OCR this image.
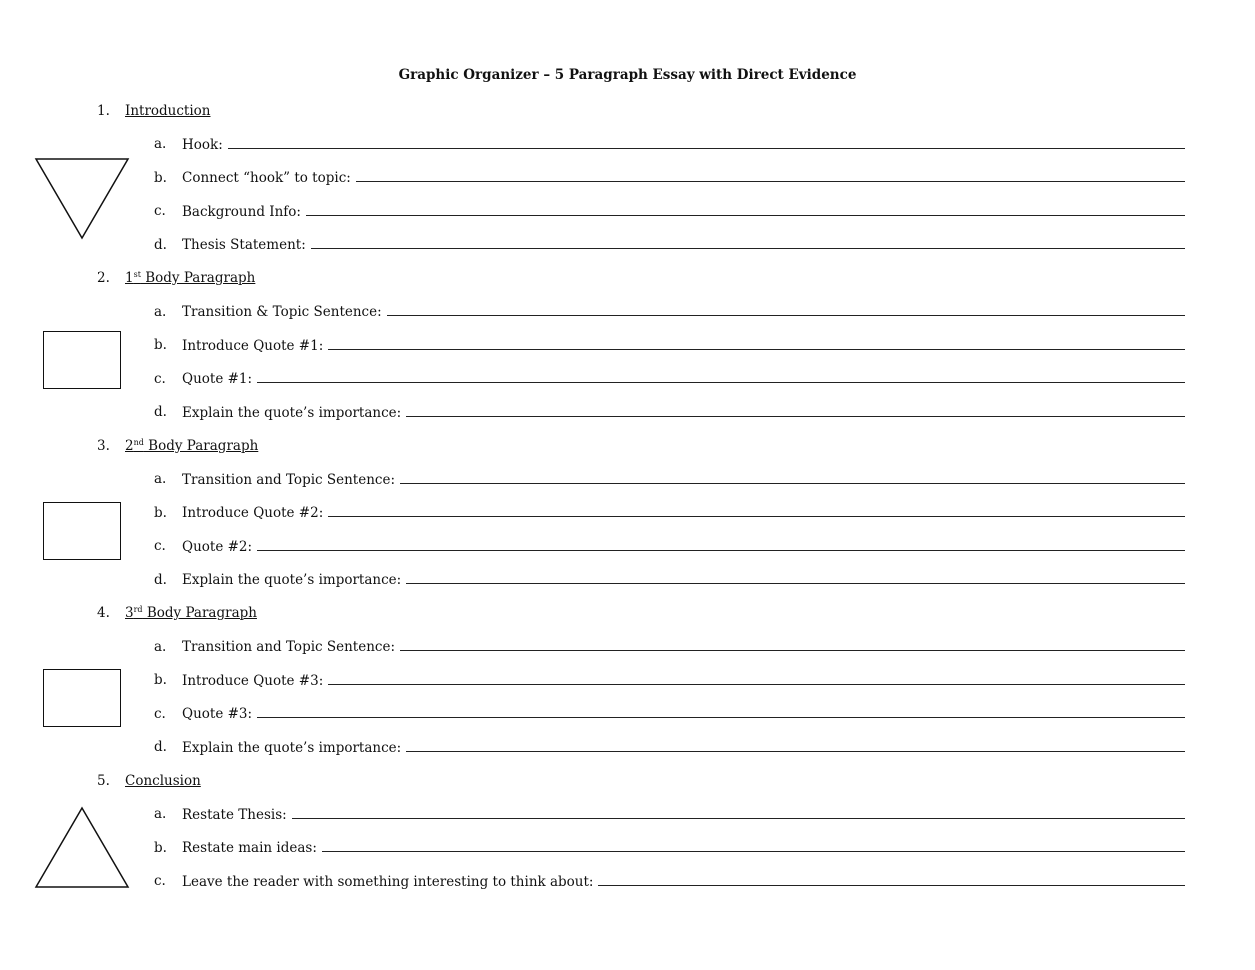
Graphic Organizer – 5 Paragraph Essay with Direct Evidence
1. Introduction
a. Hook:
b. Connect “hook” to topic:
c. Background Info:
d. Thesis Statement:
2. 1st Body Paragraph
a. Transition & Topic Sentence:
b. Introduce Quote #1:
c. Quote #1:
d. Explain the quote’s importance:
3. 2nd Body Paragraph
a. Transition and Topic Sentence:
b. Introduce Quote #2:
c. Quote #2:
d. Explain the quote’s importance:
4. 3rd Body Paragraph
a. Transition and Topic Sentence:
b. Introduce Quote #3:
c. Quote #3:
d. Explain the quote’s importance:
5. Conclusion
a. Restate Thesis:
b. Restate main ideas:
c. Leave the reader with something interesting to think about:
